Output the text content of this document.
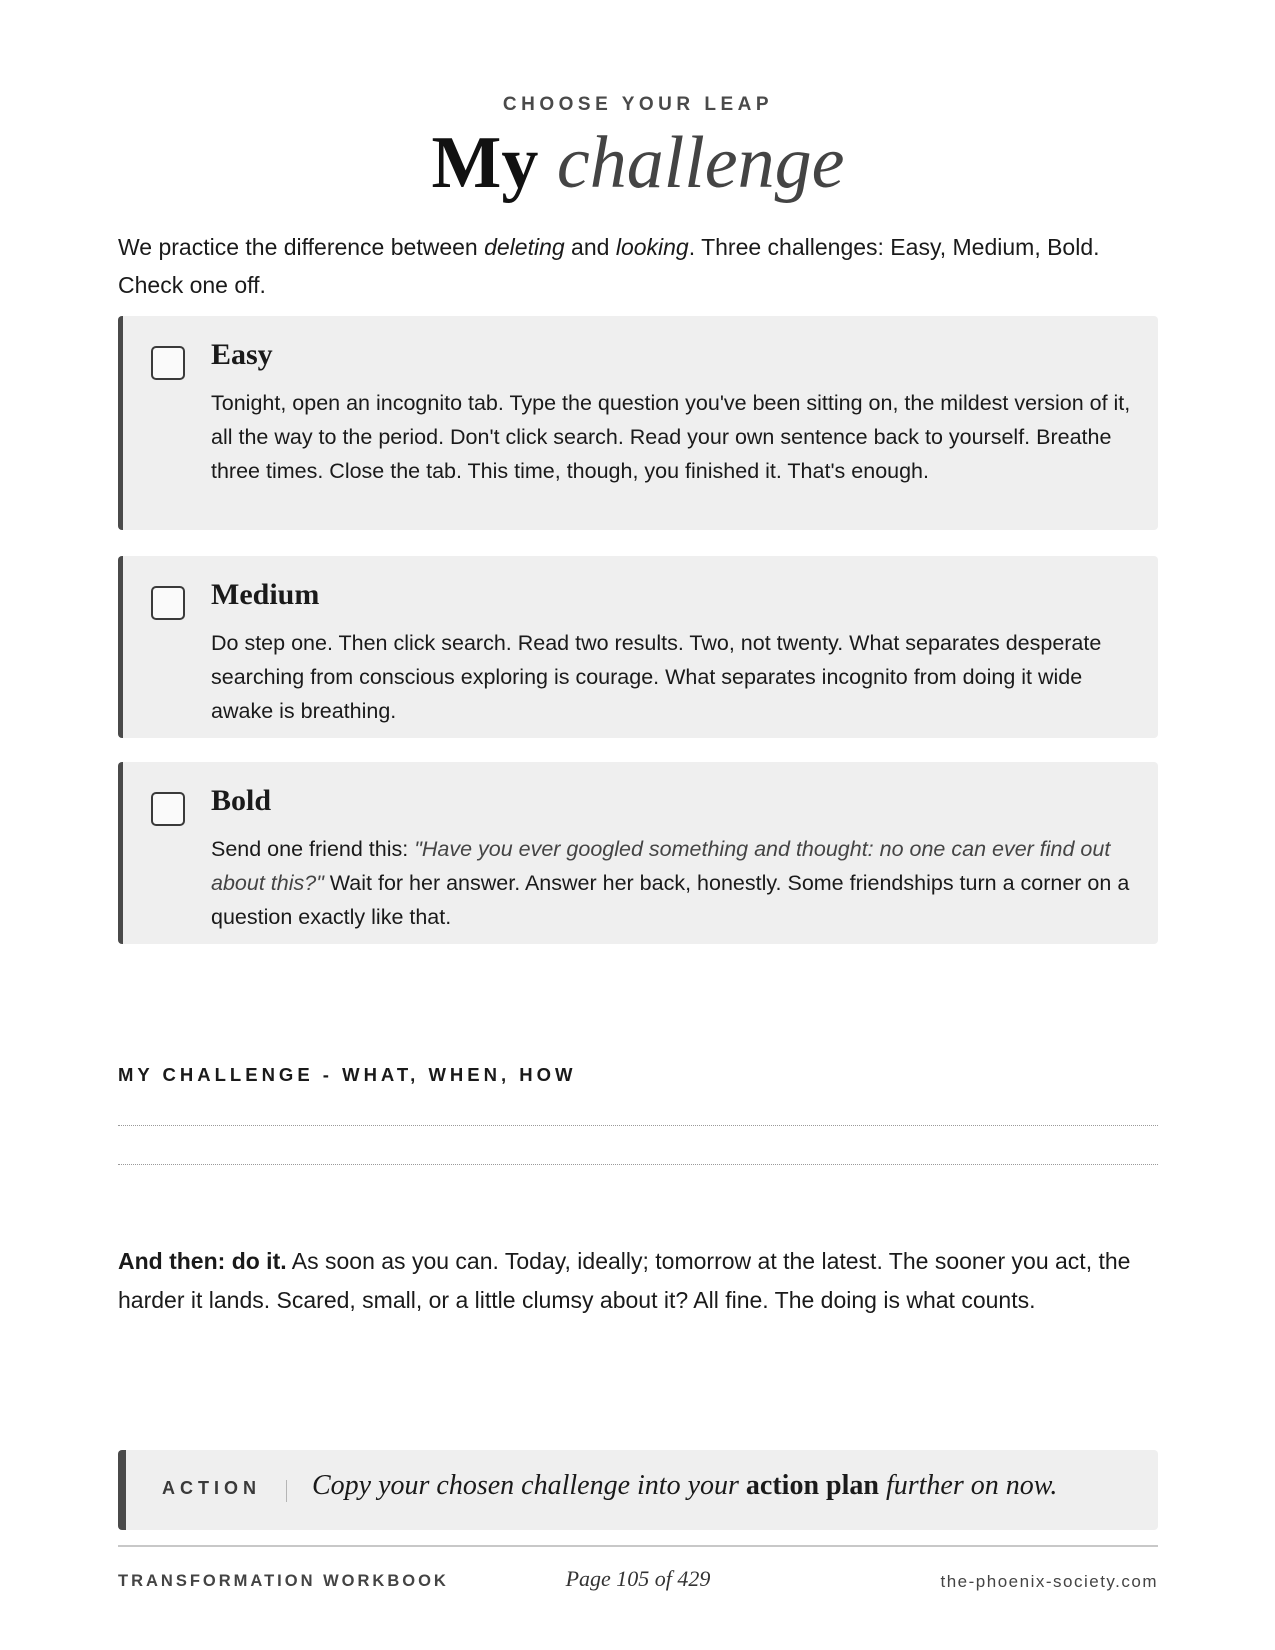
CHOOSE YOUR LEAP
My challenge
We practice the difference between deleting and looking. Three challenges: Easy, Medium, Bold. Check one off.
Easy
Tonight, open an incognito tab. Type the question you've been sitting on, the mildest version of it, all the way to the period. Don't click search. Read your own sentence back to yourself. Breathe three times. Close the tab. This time, though, you finished it. That's enough.
Medium
Do step one. Then click search. Read two results. Two, not twenty. What separates desperate searching from conscious exploring is courage. What separates incognito from doing it wide awake is breathing.
Bold
Send one friend this: "Have you ever googled something and thought: no one can ever find out about this?" Wait for her answer. Answer her back, honestly. Some friendships turn a corner on a question exactly like that.
MY CHALLENGE - WHAT, WHEN, HOW
And then: do it. As soon as you can. Today, ideally; tomorrow at the latest. The sooner you act, the harder it lands. Scared, small, or a little clumsy about it? All fine. The doing is what counts.
ACTION Copy your chosen challenge into your action plan further on now.
TRANSFORMATION WORKBOOK	Page 105 of 429	the-phoenix-society.com
